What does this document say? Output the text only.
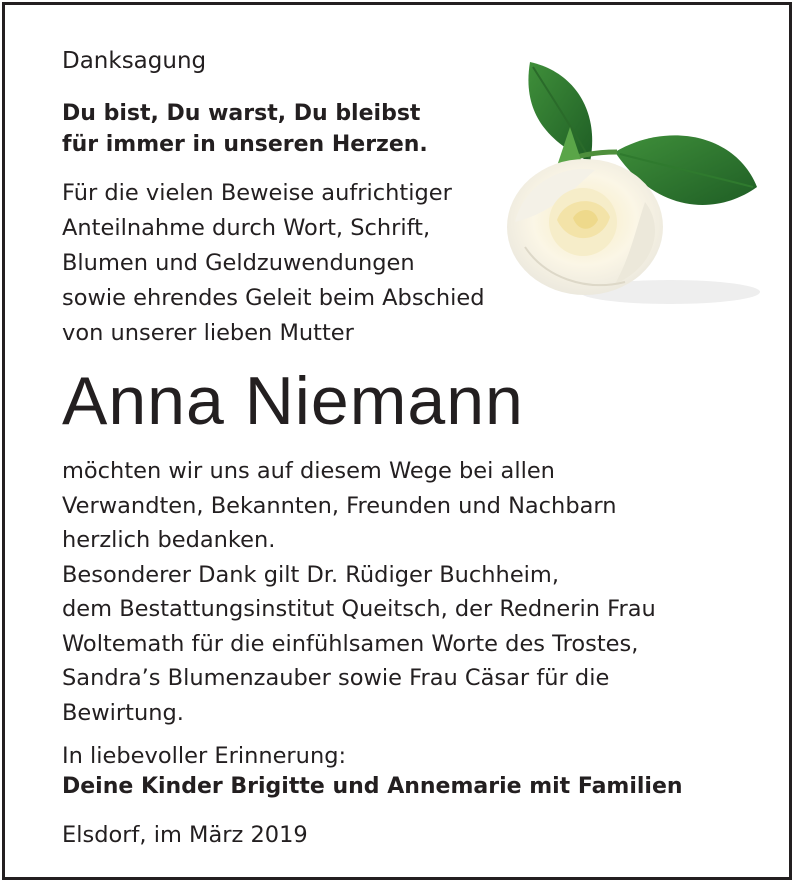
Danksagung
Du bist, Du warst, Du bleibst
für immer in unseren Herzen.
Für die vielen Beweise aufrichtiger
Anteilnahme durch Wort, Schrift,
Blumen und Geldzuwendungen
sowie ehrendes Geleit beim Abschied
von unserer lieben Mutter
Anna Niemann
möchten wir uns auf diesem Wege bei allen
Verwandten, Bekannten, Freunden und Nachbarn
herzlich bedanken.
Besonderer Dank gilt Dr. Rüdiger Buchheim,
dem Bestattungsinstitut Queitsch, der Rednerin Frau
Woltemath für die einfühlsamen Worte des Trostes,
Sandra’s Blumenzauber sowie Frau Cäsar für die
Bewirtung.
In liebevoller Erinnerung:
Deine Kinder Brigitte und Annemarie mit Familien
Elsdorf, im März 2019
